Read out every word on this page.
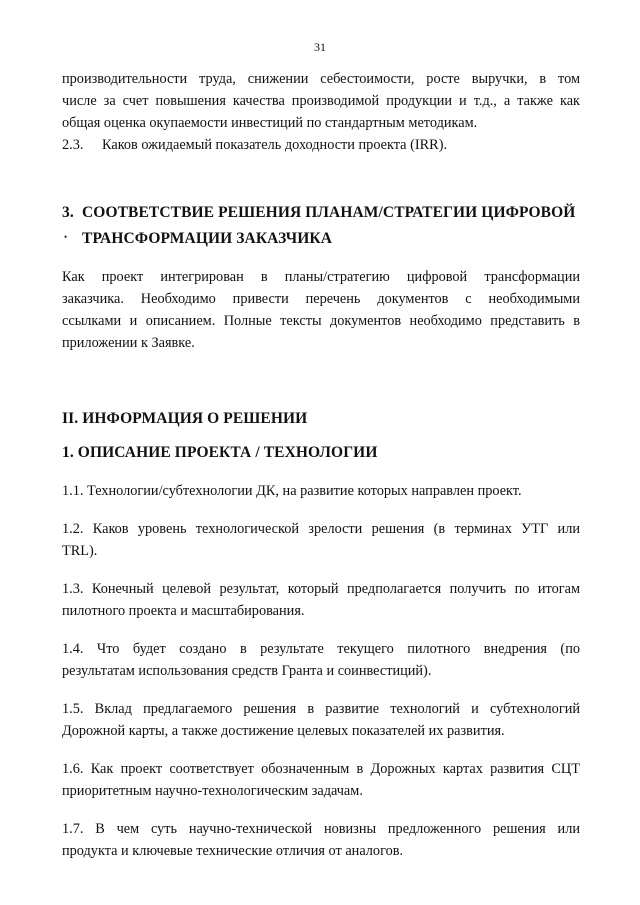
31

производительности труда, снижении себестоимости, росте выручки, в том

числе за счет повышения качества производимой продукции и т.д., а также как

общая оценка окупаемости инвестиций по стандартным методикам.

2.3.	Каков ожидаемый показатель доходности проекта (IRR).
•
3. СООТВЕТСТВИЕ РЕШЕНИЯ ПЛАНАМ/СТРАТЕГИИ ЦИФРОВОЙ
ТРАНСФОРМАЦИИ ЗАКАЗЧИКА

Как проект интегрирован в планы/стратегию цифровой трансформации

заказчика. Необходимо привести перечень документов с необходимыми

ссылками и описанием. Полные тексты документов необходимо представить в

приложении к Заявке.

II. ИНФОРМАЦИЯ О РЕШЕНИИ
1. ОПИСАНИЕ ПРОЕКТА / ТЕХНОЛОГИИ

1.1. Технологии/субтехнологии ДК, на развитие которых направлен проект.

1.2. Каков уровень технологической зрелости решения (в терминах УТГ или

TRL).

1.3. Конечный целевой результат, который предполагается получить по итогам

пилотного проекта и масштабирования.

1.4. Что будет создано в результате текущего пилотного внедрения (по

результатам использования средств Гранта и соинвестиций).

1.5. Вклад предлагаемого решения в развитие технологий и субтехнологий

Дорожной карты, а также достижение целевых показателей их развития.

1.6. Как проект соответствует обозначенным в Дорожных картах развития СЦТ

приоритетным научно-технологическим задачам.

1.7. В чем суть научно-технической новизны предложенного решения или

продукта и ключевые технические отличия от аналогов.
